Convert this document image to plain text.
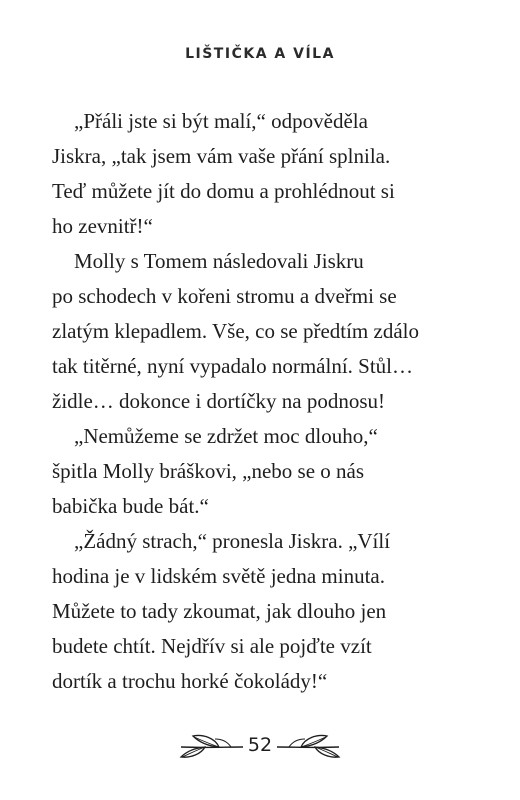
LIŠTIČKA A VÍLA

„Přáli jste si být malí,“ odpověděla
Jiskra, „tak jsem vám vaše přání splnila.
Teď můžete jít do domu a prohlédnout si
ho zevnitř!“

Molly s Tomem následovali Jiskru
po schodech v kořeni stromu a dveřmi se
zlatým klepadlem. Vše, co se předtím zdálo
tak titěrné, nyní vypadalo normální. Stůl…
židle… dokonce i dortíčky na podnosu!

„Nemůžeme se zdržet moc dlouho,“
špitla Molly bráškovi, „nebo se o nás
babička bude bát.“

„Žádný strach,“ pronesla Jiskra. „Vílí
hodina je v lidském světě jedna minuta.
Můžete to tady zkoumat, jak dlouho jen
budete chtít. Nejdřív si ale pojďte vzít
dortík a trochu horké čokolády!“

52
